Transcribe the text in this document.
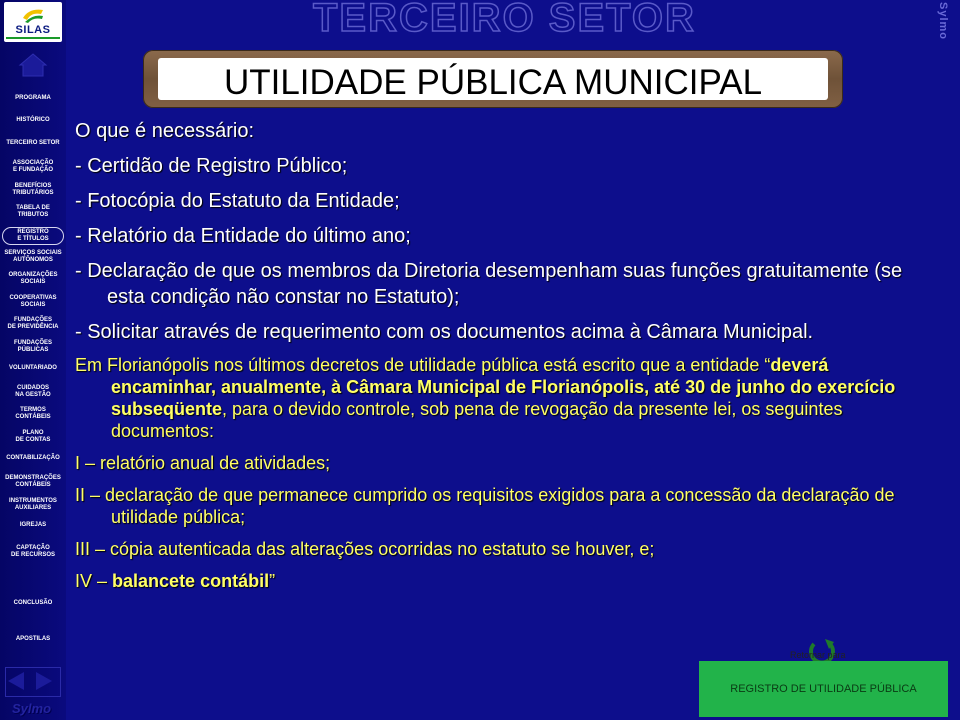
SILAS
PROGRAMA
HISTÓRICO
TERCEIRO SETOR
ASSOCIAÇÃO
E FUNDAÇÃO
BENEFÍCIOS
TRIBUTÁRIOS
TABELA DE
TRIBUTOS
REGISTRO
E TÍTULOS
SERVIÇOS SOCIAIS
AUTÔNOMOS
ORGANIZAÇÕES
SOCIAIS
COOPERATIVAS
SOCIAIS
FUNDAÇÕES
DE PREVIDÊNCIA
FUNDAÇÕES
PÚBLICAS
VOLUNTARIADO
CUIDADOS
NA GESTÃO
TERMOS
CONTÁBEIS
PLANO
DE CONTAS
CONTABILIZAÇÃO
DEMONSTRAÇÕES
CONTÁBEIS
INSTRUMENTOS
AUXILIARES
IGREJAS
CAPTAÇÃO
DE RECURSOS
CONCLUSÃO
APOSTILAS
Sylmo
TERCEIRO SETOR	Sylmo
UTILIDADE PÚBLICA MUNICIPAL

O que é necessário:

- Certidão de Registro Público;

- Fotocópia do Estatuto da Entidade;

- Relatório da Entidade do último ano;

- Declaração de que os membros da Diretoria desempenham suas funções gratuitamente (se esta condição não constar no Estatuto);

- Solicitar através de requerimento com os documentos acima à Câmara Municipal.

Em Florianópolis nos últimos decretos de utilidade pública está escrito que a entidade “deverá encaminhar, anualmente, à Câmara Municipal de Florianópolis, até 30 de junho do exercício subseqüente, para o devido controle, sob pena de revogação da presente lei, os seguintes documentos:

I – relatório anual de atividades;

II – declaração de que permanece cumprido os requisitos exigidos para a concessão da declaração de utilidade pública;

III – cópia autenticada das alterações ocorridas no estatuto se houver, e;

IV – balancete contábil”

Retornar para
REGISTRO DE UTILIDADE PÚBLICA
